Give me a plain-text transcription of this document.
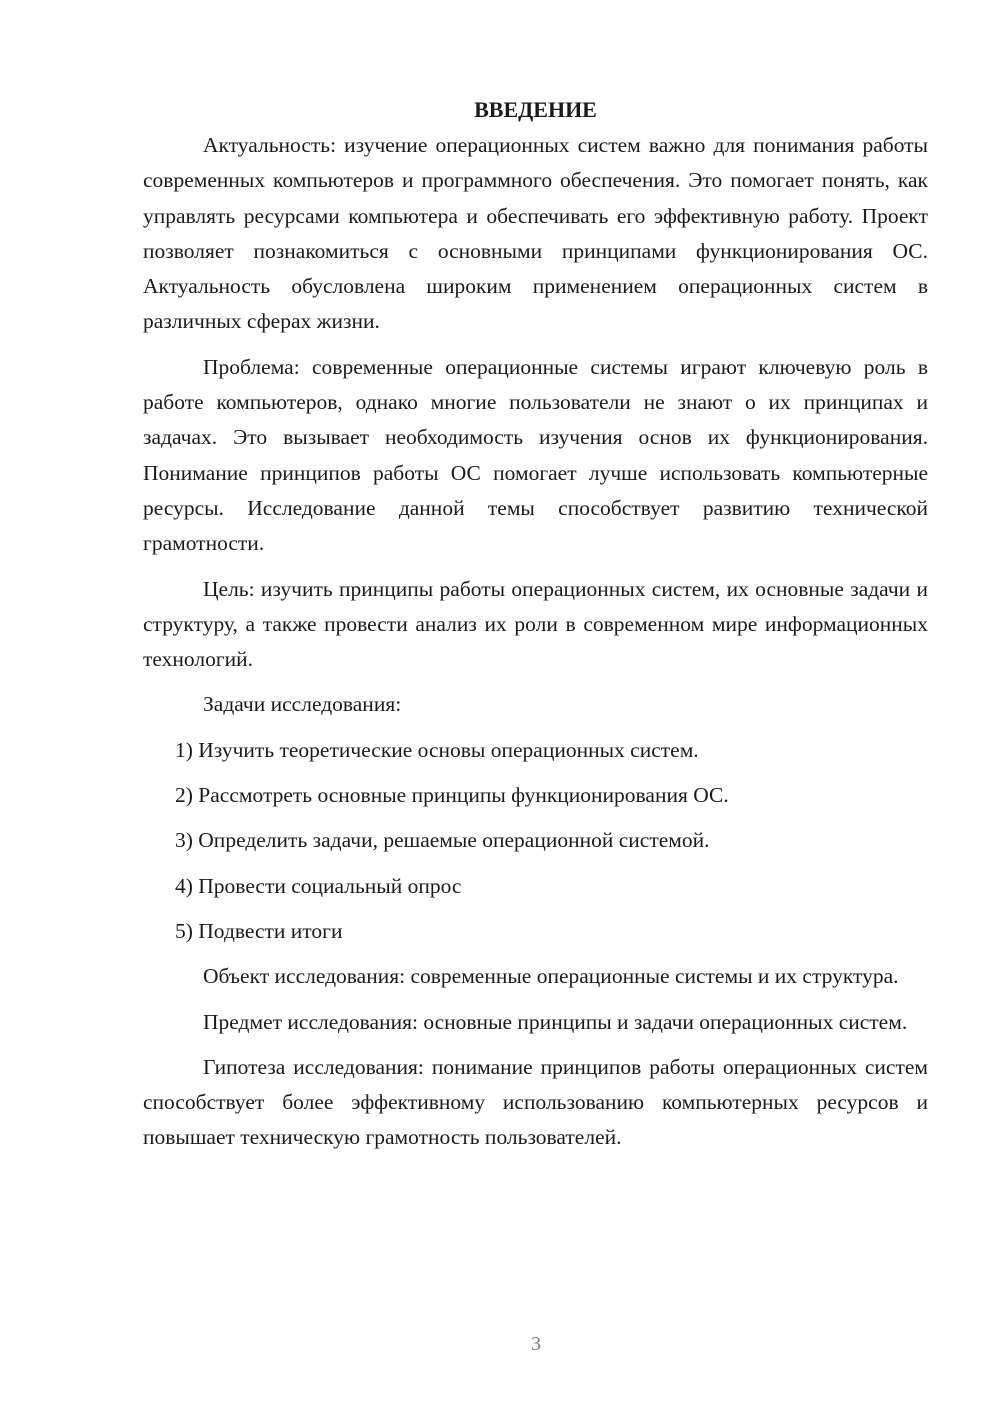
ВВЕДЕНИЕ

Актуальность: изучение операционных систем важно для понимания работы современных компьютеров и программного обеспечения. Это помогает понять, как управлять ресурсами компьютера и обеспечивать его эффективную работу. Проект позволяет познакомиться с основными принципами функционирования ОС. Актуальность обусловлена широким применением операционных систем в различных сферах жизни.

Проблема: современные операционные системы играют ключевую роль в работе компьютеров, однако многие пользователи не знают о их принципах и задачах. Это вызывает необходимость изучения основ их функционирования. Понимание принципов работы ОС помогает лучше использовать компьютерные ресурсы. Исследование данной темы способствует развитию технической грамотности.

Цель: изучить принципы работы операционных систем, их основные задачи и структуру, а также провести анализ их роли в современном мире информационных технологий.

Задачи исследования:

1) Изучить теоретические основы операционных систем.
2) Рассмотреть основные принципы функционирования ОС.
3) Определить задачи, решаемые операционной системой.
4) Провести социальный опрос
5) Подвести итоги

Объект исследования: современные операционные системы и их структура.

Предмет исследования: основные принципы и задачи операционных систем.

Гипотеза исследования: понимание принципов работы операционных систем способствует более эффективному использованию компьютерных ресурсов и повышает техническую грамотность пользователей.

3
